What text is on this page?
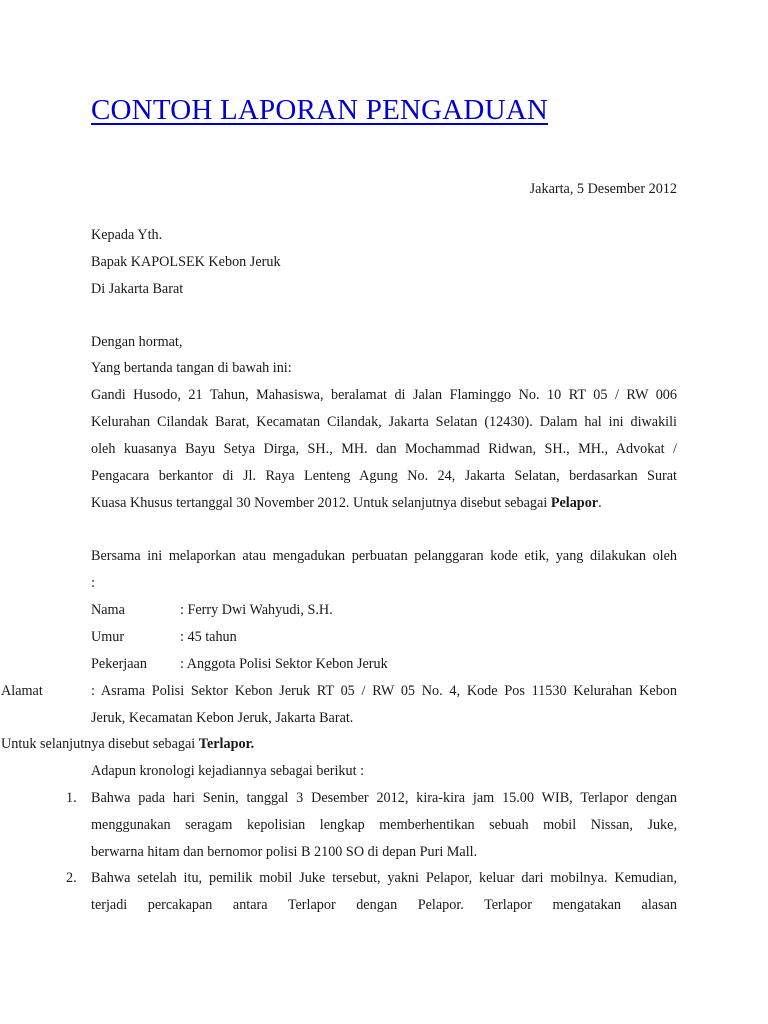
CONTOH LAPORAN PENGADUAN
Jakarta, 5 Desember 2012
Kepada Yth.
Bapak KAPOLSEK Kebon Jeruk
Di Jakarta Barat
Dengan hormat,
Yang bertanda tangan di bawah ini:
Gandi Husodo, 21 Tahun, Mahasiswa, beralamat di Jalan Flaminggo No. 10 RT 05 / RW 006
Kelurahan Cilandak Barat, Kecamatan Cilandak, Jakarta Selatan (12430). Dalam hal ini diwakili
oleh kuasanya Bayu Setya Dirga, SH., MH. dan Mochammad Ridwan, SH., MH., Advokat /
Pengacara berkantor di Jl. Raya Lenteng Agung No. 24, Jakarta Selatan, berdasarkan Surat
Kuasa Khusus tertanggal 30 November 2012. Untuk selanjutnya disebut sebagai Pelapor.
Bersama ini melaporkan atau mengadukan perbuatan pelanggaran kode etik, yang dilakukan oleh
:
Nama	: Ferry Dwi Wahyudi, S.H.
Umur	: 45 tahun
Pekerjaan : Anggota Polisi Sektor Kebon Jeruk
Alamat	: Asrama Polisi Sektor Kebon Jeruk RT 05 / RW 05 No. 4, Kode Pos 11530 Kelurahan Kebon
Jeruk, Kecamatan Kebon Jeruk, Jakarta Barat.
Untuk selanjutnya disebut sebagai Terlapor.
Adapun kronologi kejadiannya sebagai berikut :
1. Bahwa pada hari Senin, tanggal 3 Desember 2012, kira-kira jam 15.00 WIB, Terlapor dengan
menggunakan seragam kepolisian lengkap memberhentikan sebuah mobil Nissan, Juke,
berwarna hitam dan bernomor polisi B 2100 SO di depan Puri Mall.
2. Bahwa setelah itu, pemilik mobil Juke tersebut, yakni Pelapor, keluar dari mobilnya. Kemudian,
terjadi percakapan antara Terlapor dengan Pelapor. Terlapor mengatakan alasan
